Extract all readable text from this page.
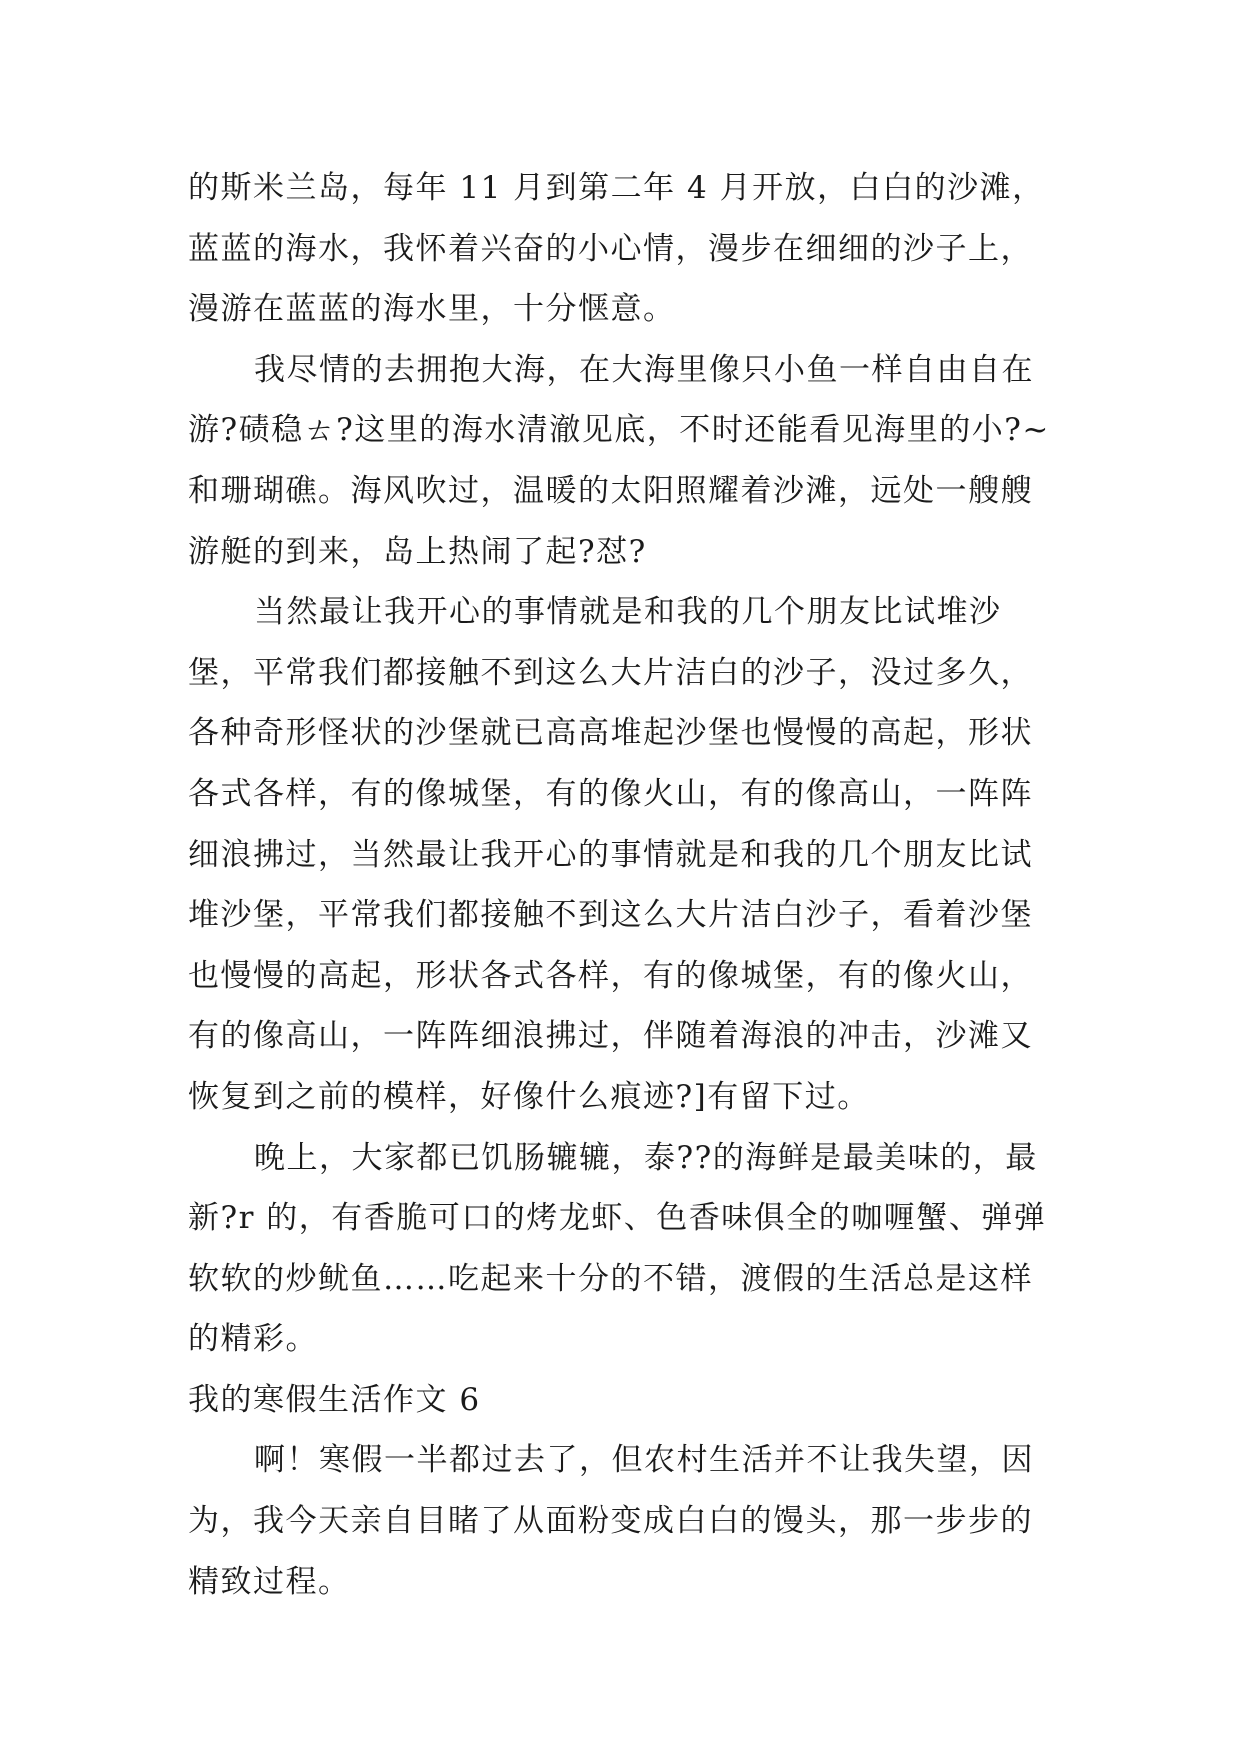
的斯米兰岛，每年 11 月到第二年 4 月开放，白白的沙滩，
蓝蓝的海水，我怀着兴奋的小心情，漫步在细细的沙子上，
漫游在蓝蓝的海水里，十分惬意。
我尽情的去拥抱大海，在大海里像只小鱼一样自由自在
游?碛稳ㄊ?这里的海水清澈见底，不时还能看见海里的小?~
和珊瑚礁。海风吹过，温暖的太阳照耀着沙滩，远处一艘艘
游艇的到来，岛上热闹了起?怼?
当然最让我开心的事情就是和我的几个朋友比试堆沙
堡，平常我们都接触不到这么大片洁白的沙子，没过多久，
各种奇形怪状的沙堡就已高高堆起沙堡也慢慢的高起，形状
各式各样，有的像城堡，有的像火山，有的像高山，一阵阵
细浪拂过，当然最让我开心的事情就是和我的几个朋友比试
堆沙堡，平常我们都接触不到这么大片洁白沙子，看着沙堡
也慢慢的高起，形状各式各样，有的像城堡，有的像火山，
有的像高山，一阵阵细浪拂过，伴随着海浪的冲击，沙滩又
恢复到之前的模样，好像什么痕迹?]有留下过。
晚上，大家都已饥肠辘辘，泰??的海鲜是最美味的，最
新?r 的，有香脆可口的烤龙虾、色香味俱全的咖喱蟹、弹弹
软软的炒鱿鱼……吃起来十分的不错，渡假的生活总是这样
的精彩。
我的寒假生活作文 6
啊！寒假一半都过去了，但农村生活并不让我失望，因
为，我今天亲自目睹了从面粉变成白白的馒头，那一步步的
精致过程。
